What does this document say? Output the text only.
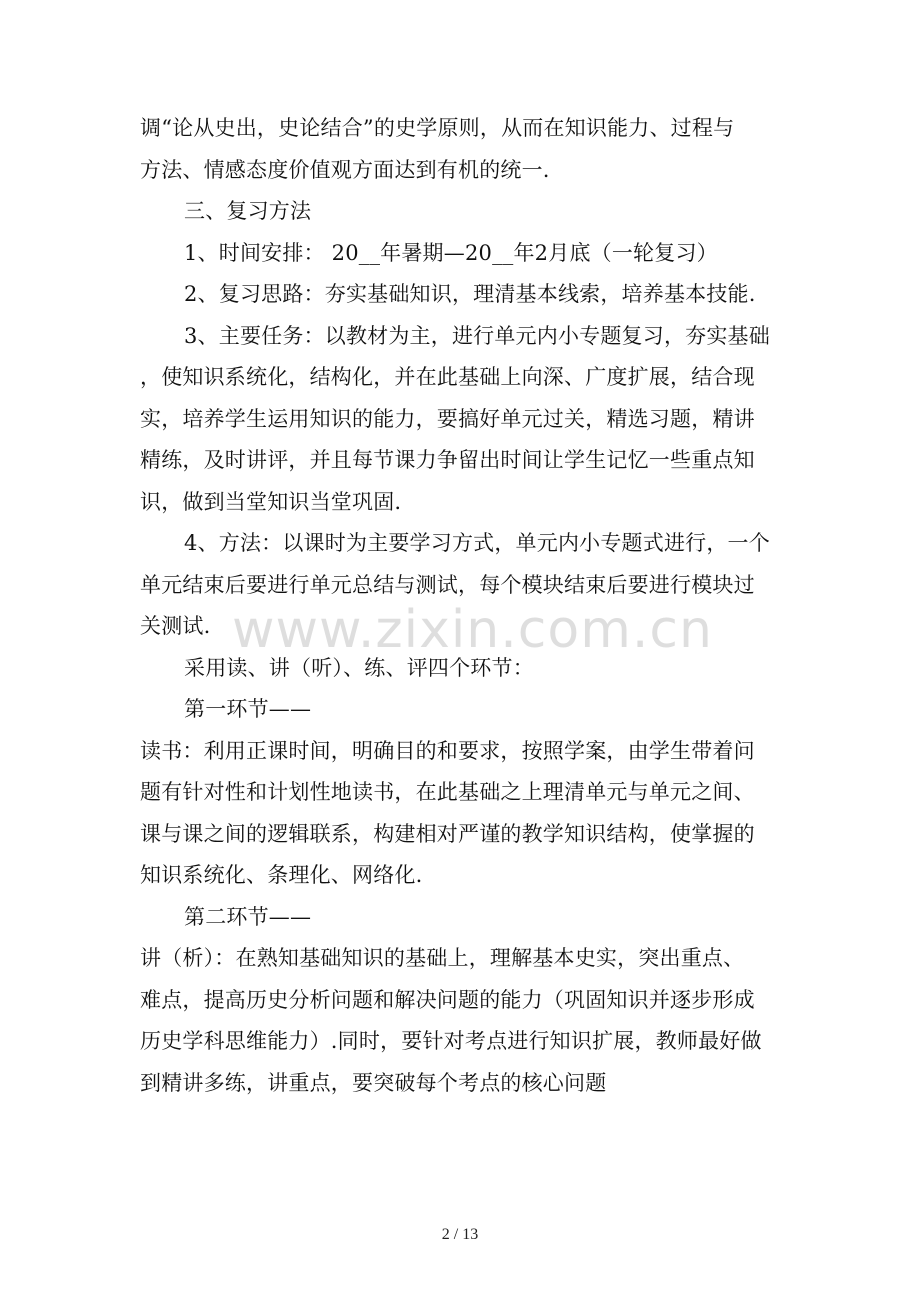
调“论从史出，史论结合”的史学原则，从而在知识能力、过程与
方法、情感态度价值观方面达到有机的统一.
三、复习方法
1、时间安排： 20__年暑期—20__年2月底（一轮复习）
2、复习思路：夯实基础知识，理清基本线索，培养基本技能.
3、主要任务：以教材为主，进行单元内小专题复习，夯实基础
，使知识系统化，结构化，并在此基础上向深、广度扩展，结合现
实，培养学生运用知识的能力，要搞好单元过关，精选习题，精讲
精练，及时讲评，并且每节课力争留出时间让学生记忆一些重点知
识，做到当堂知识当堂巩固.
4、方法：以课时为主要学习方式，单元内小专题式进行，一个
单元结束后要进行单元总结与测试，每个模块结束后要进行模块过
关测试.
采用读、讲（听）、练、评四个环节：
第一环节——
读书：利用正课时间，明确目的和要求，按照学案，由学生带着问
题有针对性和计划性地读书，在此基础之上理清单元与单元之间、
课与课之间的逻辑联系，构建相对严谨的教学知识结构，使掌握的
知识系统化、条理化、网络化.
第二环节——
讲（析）：在熟知基础知识的基础上，理解基本史实，突出重点、
难点，提高历史分析问题和解决问题的能力（巩固知识并逐步形成
历史学科思维能力）.同时，要针对考点进行知识扩展，教师最好做
到精讲多练，讲重点，要突破每个考点的核心问题
www.zixin.com.cn
2 / 13
